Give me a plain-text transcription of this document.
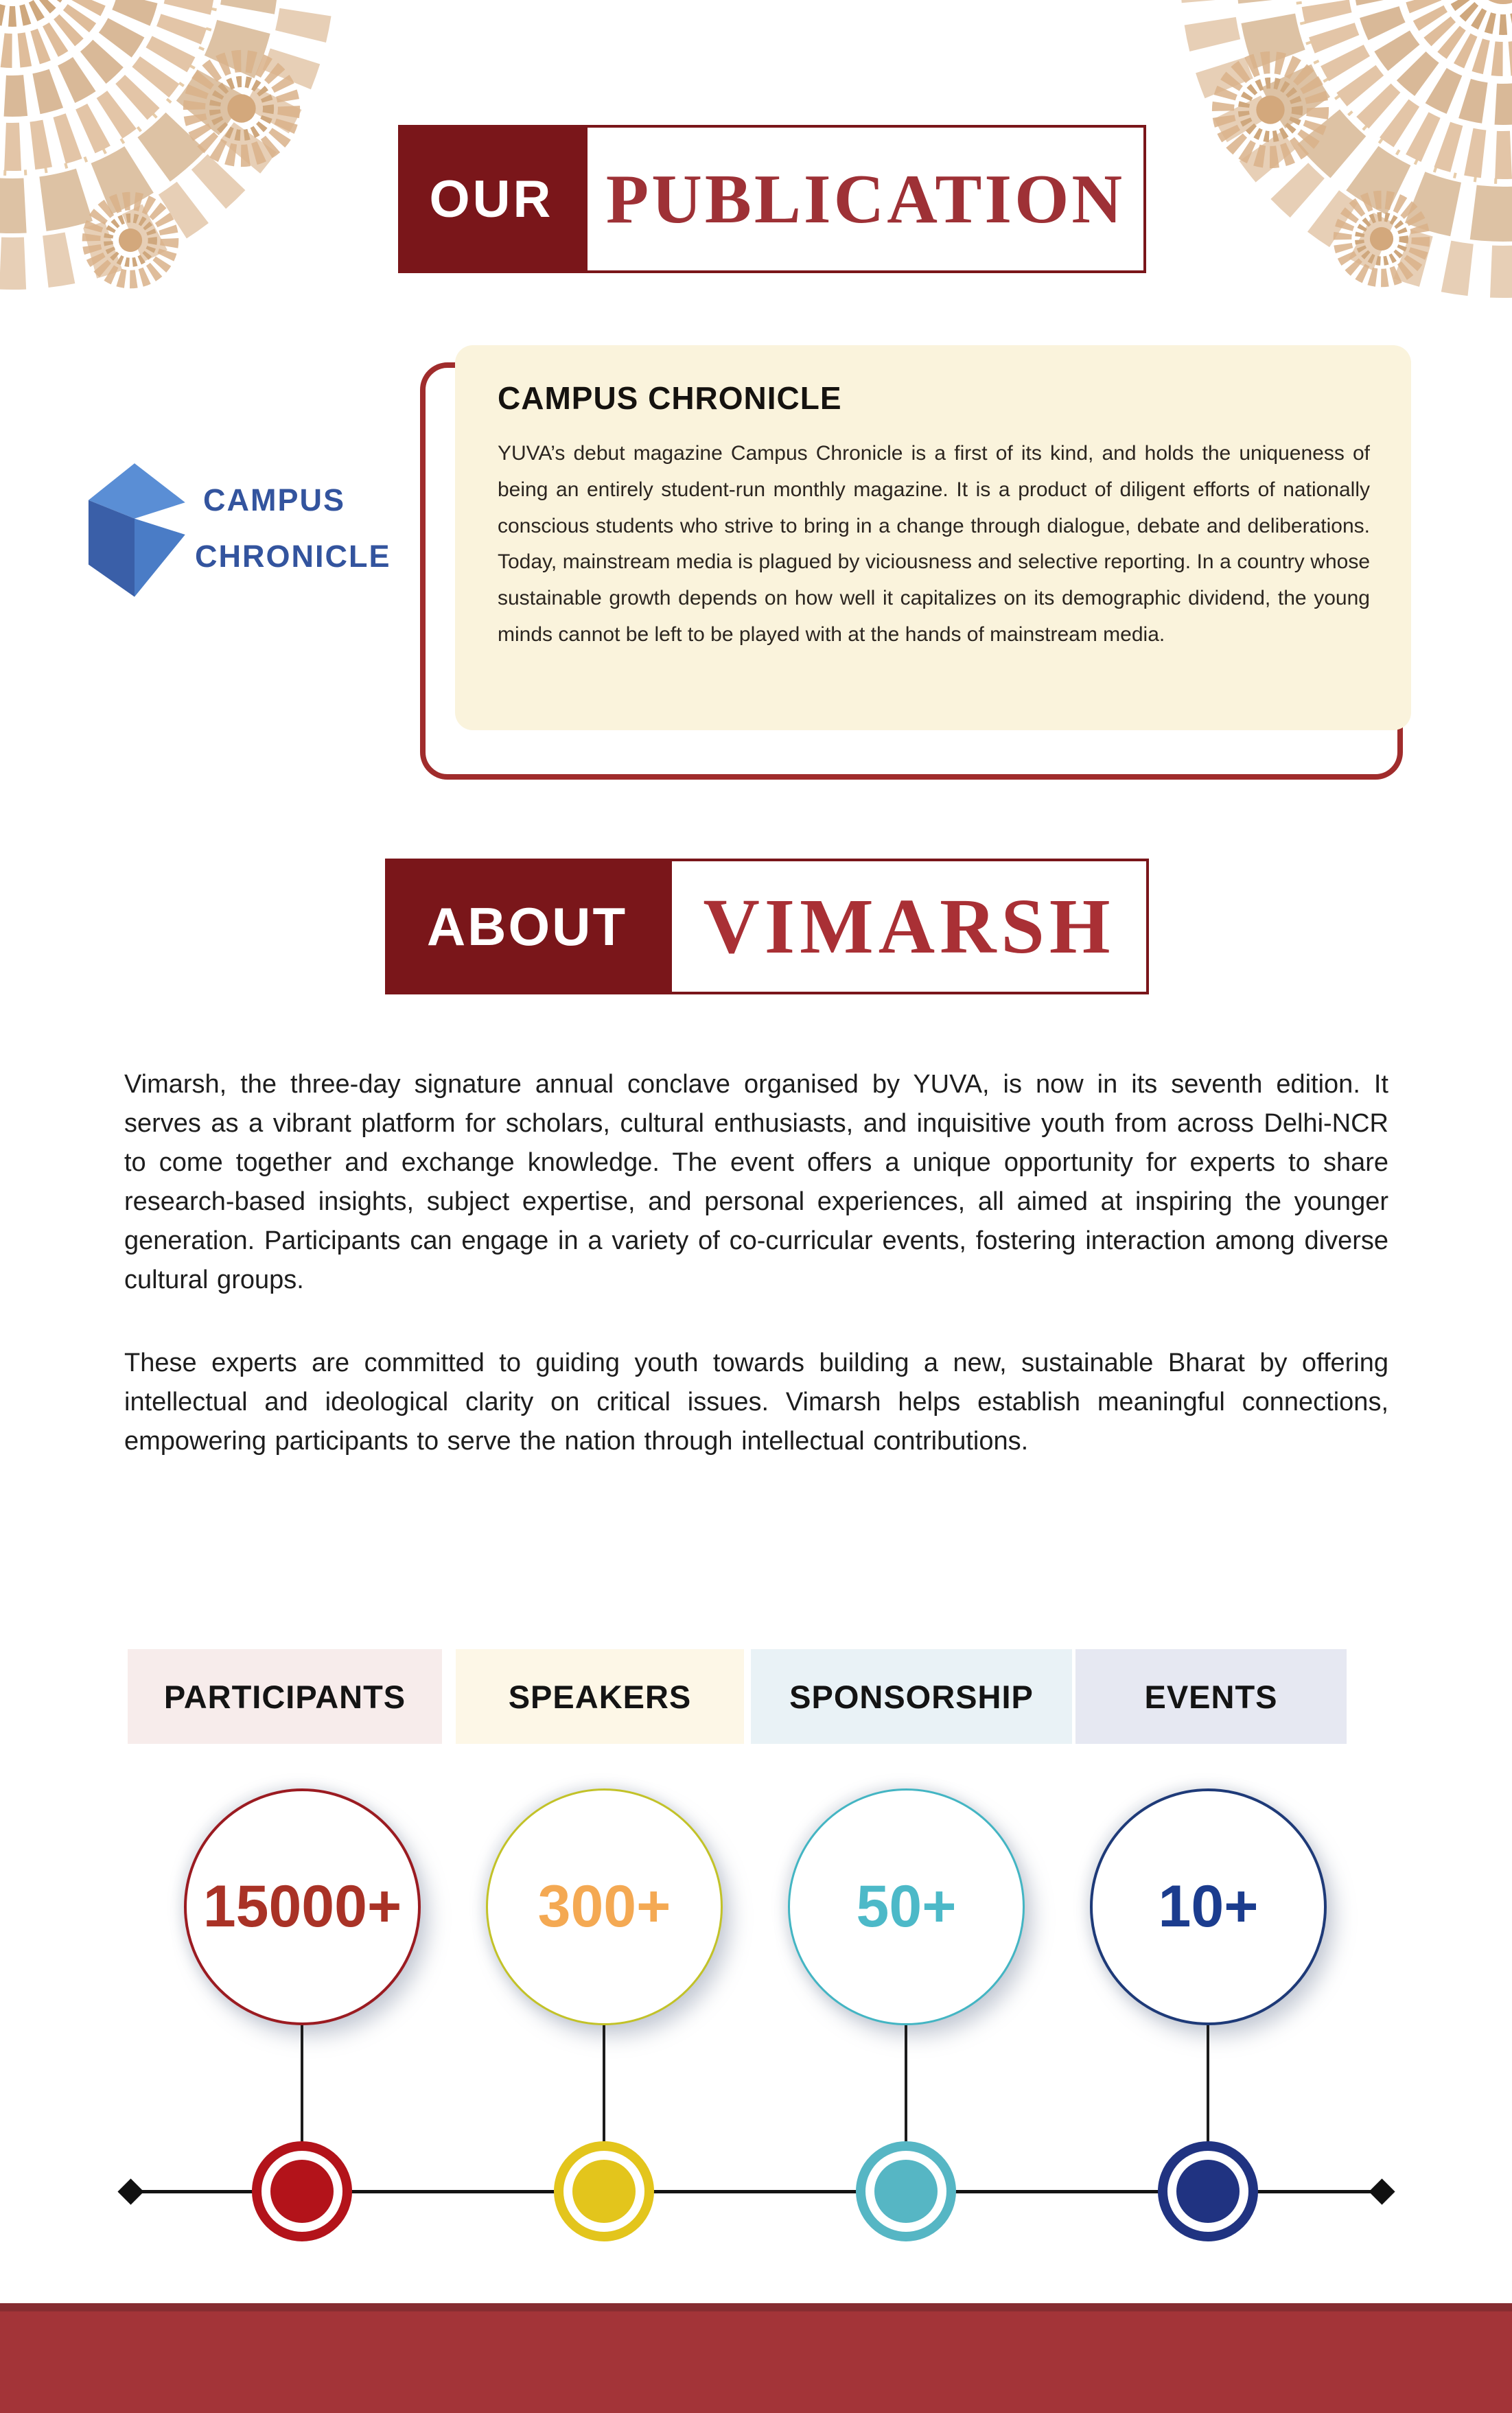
OUR PUBLICATION
CAMPUS CHRONICLE

YUVA’s debut magazine Campus Chronicle is a first of its kind, and holds the uniqueness of being an entirely student-run monthly magazine. It is a product of diligent efforts of nationally conscious students who strive to bring in a change through dialogue, debate and deliberations. Today, mainstream media is plagued by viciousness and selective reporting. In a country whose sustainable growth depends on how well it capitalizes on its demographic dividend, the young minds cannot be left to be played with at the hands of mainstream media.

CAMPUS
CHRONICLE
ABOUT VIMARSH

Vimarsh, the three-day signature annual conclave organised by YUVA, is now in its seventh edition. It serves as a vibrant platform for scholars, cultural enthusiasts, and inquisitive youth from across Delhi-NCR to come together and exchange knowledge. The event offers a unique opportunity for experts to share research-based insights, subject expertise, and personal experiences, all aimed at inspiring the younger generation. Participants can engage in a variety of co-curricular events, fostering interaction among diverse cultural groups.

These experts are committed to guiding youth towards building a new, sustainable Bharat by offering intellectual and ideological clarity on critical issues. Vimarsh helps establish meaningful connections, empowering participants to serve the nation through intellectual contributions.

PARTICIPANTS	SPEAKERS	SPONSORSHIP	EVENTS
15000+ 300+	50+	10+
